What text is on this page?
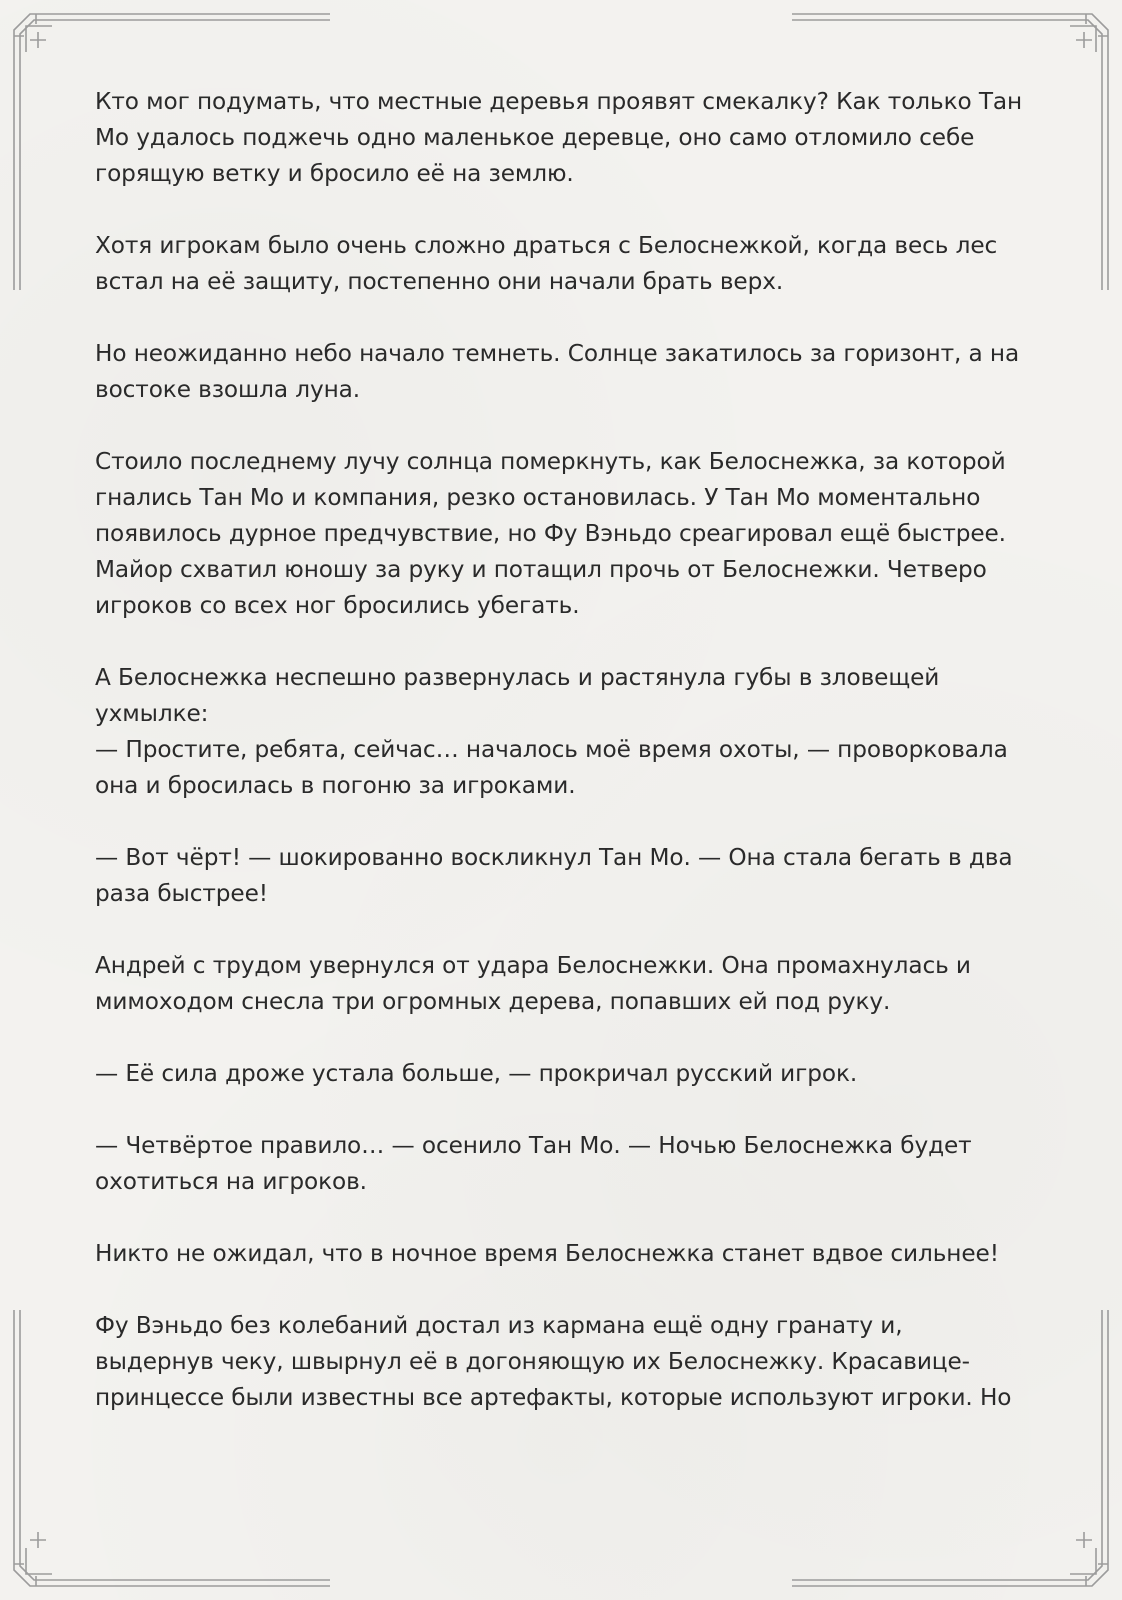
Кто мог подумать, что местные деревья проявят смекалку? Как только Тан
Мо удалось поджечь одно маленькое деревце, оно само отломило себе
горящую ветку и бросило её на землю.

Хотя игрокам было очень сложно драться с Белоснежкой, когда весь лес
встал на её защиту, постепенно они начали брать верх.

Но неожиданно небо начало темнеть. Солнце закатилось за горизонт, а на
востоке взошла луна.

Стоило последнему лучу солнца померкнуть, как Белоснежка, за которой
гнались Тан Мо и компания, резко остановилась. У Тан Мо моментально
появилось дурное предчувствие, но Фу Вэньдо среагировал ещё быстрее.
Майор схватил юношу за руку и потащил прочь от Белоснежки. Четверо
игроков со всех ног бросились убегать.

А Белоснежка неспешно развернулась и растянула губы в зловещей
ухмылке:
— Простите, ребята, сейчас… началось моё время охоты, — проворковала
она и бросилась в погоню за игроками.

— Вот чёрт! — шокированно воскликнул Тан Мо. — Она стала бегать в два
раза быстрее!

Андрей с трудом увернулся от удара Белоснежки. Она промахнулась и
мимоходом снесла три огромных дерева, попавших ей под руку.

— Её сила дроже устала больше, — прокричал русский игрок.

— Четвёртое правило… — осенило Тан Мо. — Ночью Белоснежка будет
охотиться на игроков.

Никто не ожидал, что в ночное время Белоснежка станет вдвое сильнее!

Фу Вэньдо без колебаний достал из кармана ещё одну гранату и,
выдернув чеку, швырнул её в догоняющую их Белоснежку. Красавице-
принцессе были известны все артефакты, которые используют игроки. Но
